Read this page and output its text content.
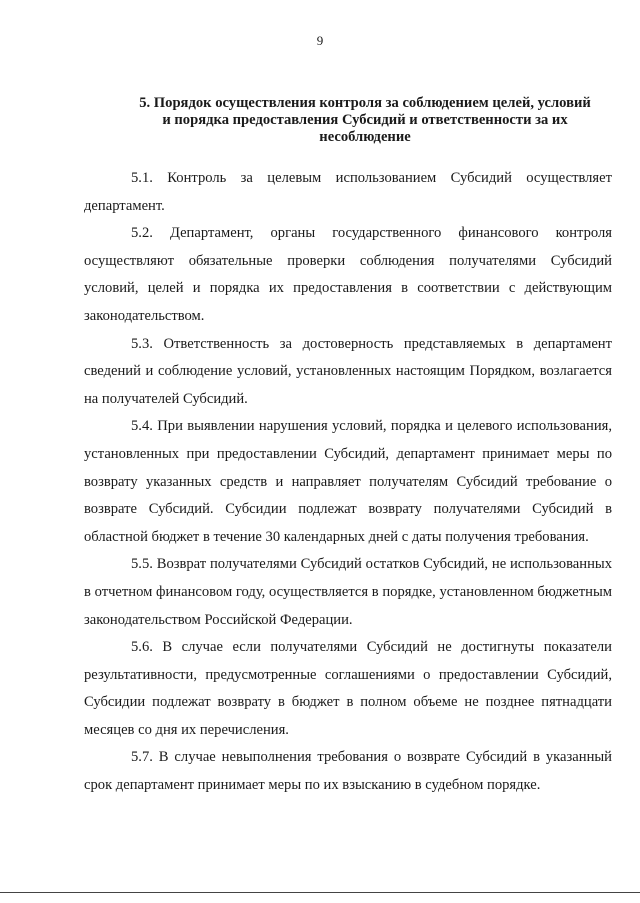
9
5. Порядок осуществления контроля за соблюдением целей, условий
и порядка предоставления Субсидий и ответственности за их
несоблюдение

5.1. Контроль за целевым использованием Субсидий осуществляет департамент.

5.2. Департамент, органы государственного финансового контроля осуществляют обязательные проверки соблюдения получателями Субсидий условий, целей и порядка их предоставления в соответствии с действующим законодательством.

5.3. Ответственность за достоверность представляемых в департамент сведений и соблюдение условий, установленных настоящим Порядком, возлагается на получателей Субсидий.

5.4. При выявлении нарушения условий, порядка и целевого использования, установленных при предоставлении Субсидий, департамент принимает меры по возврату указанных средств и направляет получателям Субсидий требование о возврате Субсидий. Субсидии подлежат возврату получателями Субсидий в областной бюджет в течение 30 календарных дней с даты получения требования.

5.5. Возврат получателями Субсидий остатков Субсидий, не использованных в отчетном финансовом году, осуществляется в порядке, установленном бюджетным законодательством Российской Федерации.

5.6. В случае если получателями Субсидий не достигнуты показатели результативности, предусмотренные соглашениями о предоставлении Субсидий, Субсидии подлежат возврату в бюджет в полном объеме не позднее пятнадцати месяцев со дня их перечисления.

5.7. В случае невыполнения требования о возврате Субсидий в указанный срок департамент принимает меры по их взысканию в судебном порядке.
